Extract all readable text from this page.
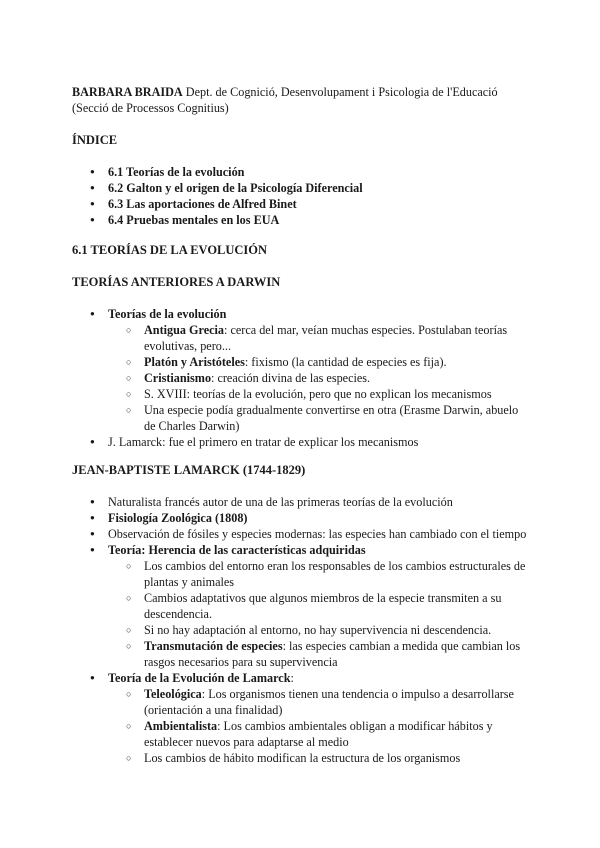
BARBARA BRAIDA Dept. de Cognició, Desenvolupament i Psicologia de l'Educació (Secció de Processos Cognitius)

ÍNDICE
● 6.1 Teorías de la evolución
● 6.2 Galton y el origen de la Psicología Diferencial
● 6.3 Las aportaciones de Alfred Binet
● 6.4 Pruebas mentales en los EUA
6.1 TEORÍAS DE LA EVOLUCIÓN
TEORÍAS ANTERIORES A DARWIN
● Teorías de la evolución
○ Antigua Grecia: cerca del mar, veían muchas especies. Postulaban teorías evolutivas, pero...
○ Platón y Aristóteles: fixismo (la cantidad de especies es fija).
○ Cristianismo: creación divina de las especies.
○ S. XVIII: teorías de la evolución, pero que no explican los mecanismos
○ Una especie podía gradualmente convertirse en otra (Erasme Darwin, abuelo de Charles Darwin)
● J. Lamarck: fue el primero en tratar de explicar los mecanismos
JEAN-BAPTISTE LAMARCK (1744-1829)
● Naturalista francés autor de una de las primeras teorías de la evolución
● Fisiología Zoológica (1808)
● Observación de fósiles y especies modernas: las especies han cambiado con el tiempo
● Teoría: Herencia de las características adquiridas
○ Los cambios del entorno eran los responsables de los cambios estructurales de plantas y animales
○ Cambios adaptativos que algunos miembros de la especie transmiten a su descendencia.
○ Si no hay adaptación al entorno, no hay supervivencia ni descendencia.
○ Transmutación de especies: las especies cambian a medida que cambian los rasgos necesarios para su supervivencia
● Teoría de la Evolución de Lamarck:
○ Teleológica: Los organismos tienen una tendencia o impulso a desarrollarse (orientación a una finalidad)
○ Ambientalista: Los cambios ambientales obligan a modificar hábitos y establecer nuevos para adaptarse al medio
○ Los cambios de hábito modifican la estructura de los organismos
